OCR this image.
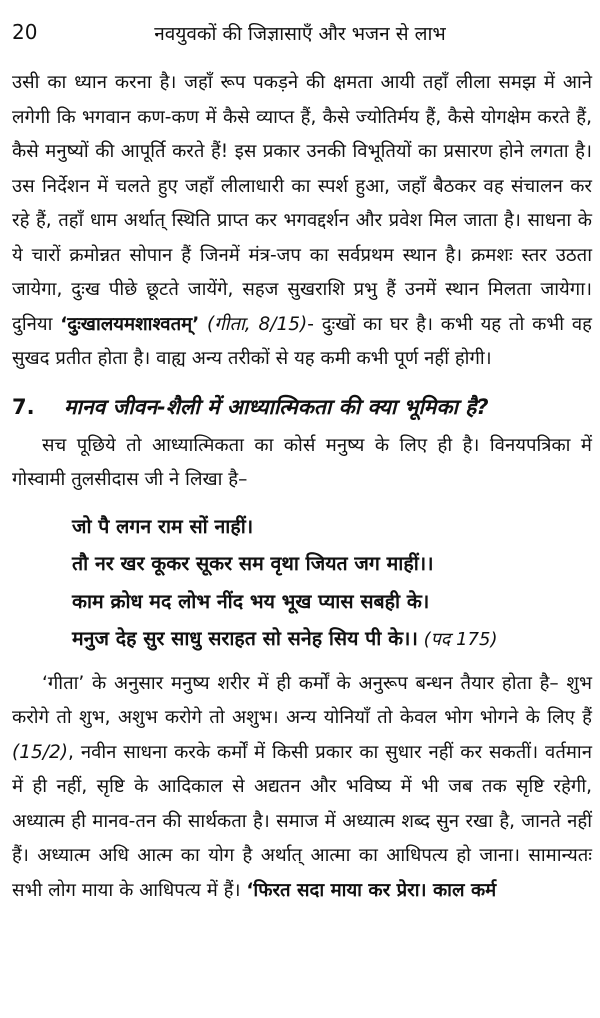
20	नवयुवकों की जिज्ञासाएँ और भजन से लाभ

उसी का ध्यान करना है। जहाँ रूप पकड़ने की क्षमता आयी तहाँ लीला समझ में आने लगेगी कि भगवान कण-कण में कैसे व्याप्त हैं, कैसे ज्योतिर्मय हैं, कैसे योगक्षेम करते हैं, कैसे मनुष्यों की आपूर्ति करते हैं! इस प्रकार उनकी विभूतियों का प्रसारण होने लगता है। उस निर्देशन में चलते हुए जहाँ लीलाधारी का स्पर्श हुआ, जहाँ बैठकर वह संचालन कर रहे हैं, तहाँ धाम अर्थात् स्थिति प्राप्त कर भगवद्दर्शन और प्रवेश मिल जाता है। साधना के ये चारों क्रमोन्नत सोपान हैं जिनमें मंत्र-जप का सर्वप्रथम स्थान है। क्रमशः स्तर उठता जायेगा, दुःख पीछे छूटते जायेंगे, सहज सुखराशि प्रभु हैं उनमें स्थान मिलता जायेगा। दुनिया ‘दुःखालयमशाश्वतम्’ (गीता, 8/15)- दुःखों का घर है। कभी यह तो कभी वह सुखद प्रतीत होता है। वाह्य अन्य तरीकों से यह कमी कभी पूर्ण नहीं होगी।

7.	मानव जीवन-शैली में आध्यात्मिकता की क्या भूमिका है?

सच पूछिये तो आध्यात्मिकता का कोर्स मनुष्य के लिए ही है। विनयपत्रिका में गोस्वामी तुलसीदास जी ने लिखा है–

जो पै लगन राम सों नाहीं।
तौ नर खर कूकर सूकर सम वृथा जियत जग माहीं।।
काम क्रोध मद लोभ नींद भय भूख प्यास सबही के।
मनुज देह सुर साधु सराहत सो सनेह सिय पी के।। (पद 175)

‘गीता’ के अनुसार मनुष्य शरीर में ही कर्मों के अनुरूप बन्धन तैयार होता है– शुभ करोगे तो शुभ, अशुभ करोगे तो अशुभ। अन्य योनियाँ तो केवल भोग भोगने के लिए हैं (15/2), नवीन साधना करके कर्मों में किसी प्रकार का सुधार नहीं कर सकतीं। वर्तमान में ही नहीं, सृष्टि के आदिकाल से अद्यतन और भविष्य में भी जब तक सृष्टि रहेगी, अध्यात्म ही मानव-तन की सार्थकता है। समाज में अध्यात्म शब्द सुन रखा है, जानते नहीं हैं। अध्यात्म अधि आत्म का योग है अर्थात् आत्मा का आधिपत्य हो जाना। सामान्यतः सभी लोग माया के आधिपत्य में हैं। ‘फिरत सदा माया कर प्रेरा। काल कर्म
